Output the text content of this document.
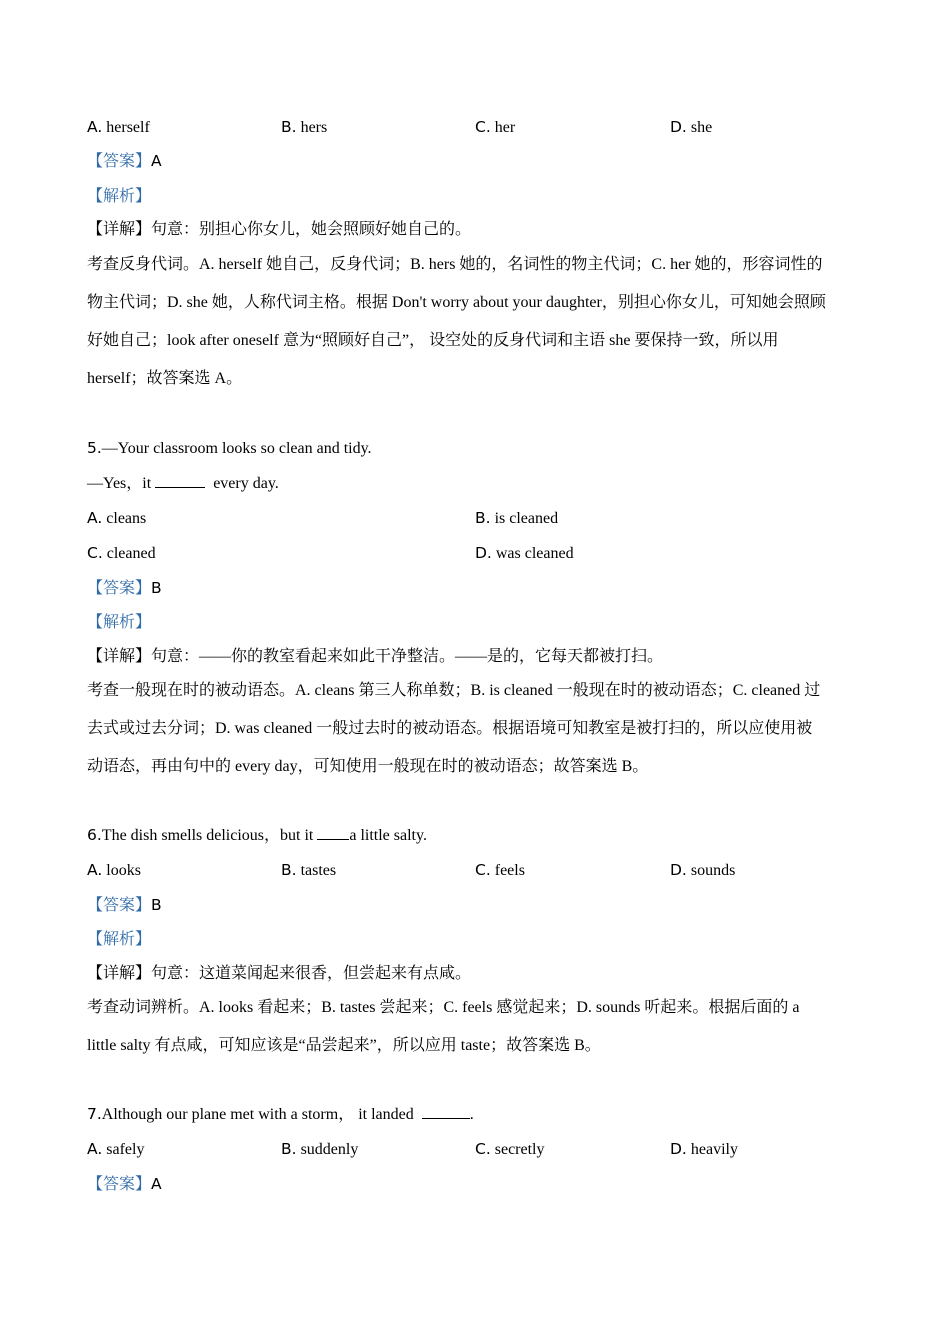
A. herself	B. hers	C. her	D. she
【答案】A
【解析】
【详解】句意：别担心你女儿，她会照顾好她自己的。
考查反身代词。A. herself 她自己，反身代词；B. hers 她的，名词性的物主代词；C. her 她的，形容词性的
物主代词；D. she 她，人称代词主格。根据 Don't worry about your daughter，别担心你女儿，可知她会照顾
好她自己；look after oneself 意为“照顾好自己”， 设空处的反身代词和主语 she 要保持一致，所以用
herself；故答案选 A。
5.—Your classroom looks so clean and tidy.
—Yes，it	every day.
A. cleans	B. is cleaned
C. cleaned	D. was cleaned
【答案】B
【解析】
【详解】句意：——你的教室看起来如此干净整洁。——是的，它每天都被打扫。
考查一般现在时的被动语态。A. cleans 第三人称单数；B. is cleaned 一般现在时的被动语态；C. cleaned 过
去式或过去分词；D. was cleaned 一般过去时的被动语态。根据语境可知教室是被打扫的，所以应使用被
动语态，再由句中的 every day，可知使用一般现在时的被动语态；故答案选 B。
6.The dish smells delicious，but it a little salty.
A. looks	B. tastes	C. feels	D. sounds
【答案】B
【解析】
【详解】句意：这道菜闻起来很香，但尝起来有点咸。
考查动词辨析。A. looks 看起来；B. tastes 尝起来；C. feels 感觉起来；D. sounds 听起来。根据后面的 a
little salty 有点咸，可知应该是“品尝起来”，所以应用 taste；故答案选 B。
7.Although our plane met with a storm， it landed	.
A. safely	B. suddenly	C. secretly	D. heavily
【答案】A
